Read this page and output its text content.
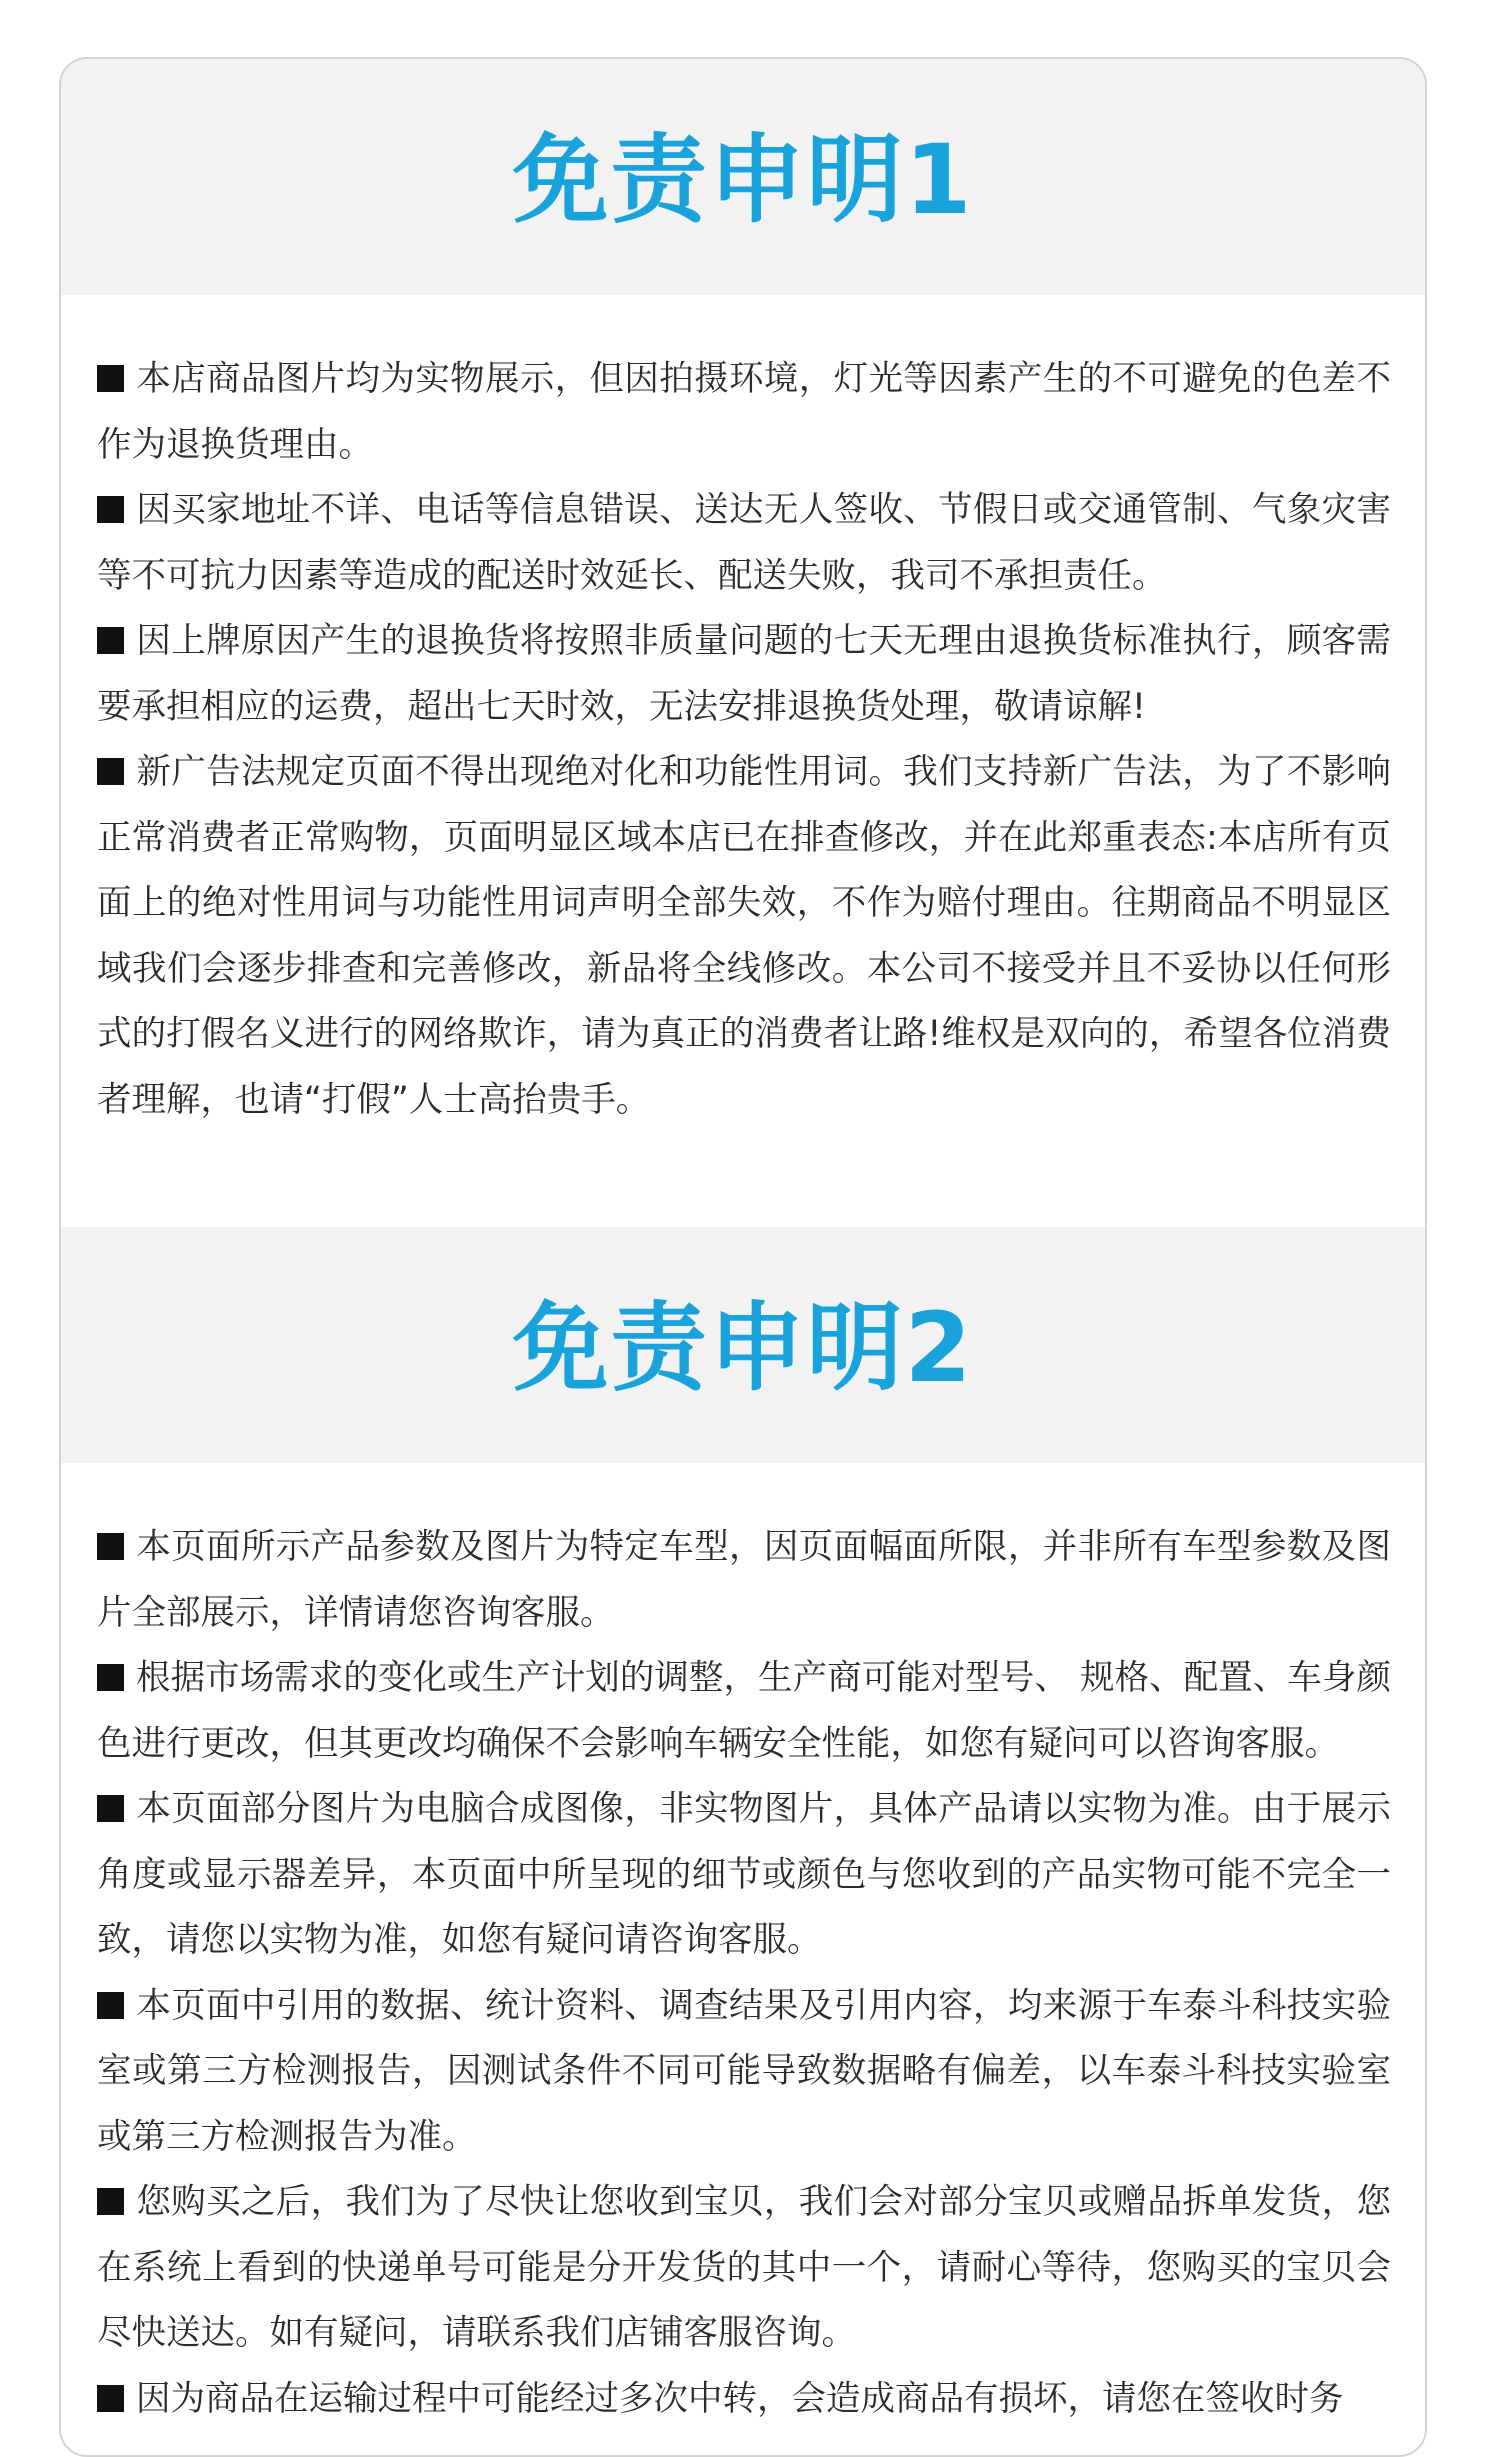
免责申明1

本店商品图片均为实物展示，但因拍摄环境，灯光等因素产生的不可避免的色差不作为退换货理由。

因买家地址不详、电话等信息错误、送达无人签收、节假日或交通管制、气象灾害等不可抗力因素等造成的配送时效延长、配送失败，我司不承担责任。

因上牌原因产生的退换货将按照非质量问题的七天无理由退换货标准执行，顾客需要承担相应的运费，超出七天时效，无法安排退换货处理，敬请谅解!

新广告法规定页面不得出现绝对化和功能性用词。我们支持新广告法，为了不影响正常消费者正常购物，页面明显区域本店已在排查修改，并在此郑重表态:本店所有页面上的绝对性用词与功能性用词声明全部失效，不作为赔付理由。往期商品不明显区域我们会逐步排查和完善修改，新品将全线修改。本公司不接受并且不妥协以任何形式的打假名义进行的网络欺诈，请为真正的消费者让路!维权是双向的，希望各位消费者理解，也请“打假”人士高抬贵手。

免责申明2

本页面所示产品参数及图片为特定车型，因页面幅面所限，并非所有车型参数及图片全部展示，详情请您咨询客服。

根据市场需求的变化或生产计划的调整，生产商可能对型号、 规格、配置、车身颜色进行更改，但其更改均确保不会影响车辆安全性能，如您有疑问可以咨询客服。

本页面部分图片为电脑合成图像，非实物图片，具体产品请以实物为准。由于展示角度或显示器差异，本页面中所呈现的细节或颜色与您收到的产品实物可能不完全一致，请您以实物为准，如您有疑问请咨询客服。

本页面中引用的数据、统计资料、调查结果及引用内容，均来源于车泰斗科技实验室或第三方检测报告，因测试条件不同可能导致数据略有偏差，以车泰斗科技实验室或第三方检测报告为准。

您购买之后，我们为了尽快让您收到宝贝，我们会对部分宝贝或赠品拆单发货，您在系统上看到的快递单号可能是分开发货的其中一个，请耐心等待，您购买的宝贝会尽快送达。如有疑问，请联系我们店铺客服咨询。

因为商品在运输过程中可能经过多次中转，会造成商品有损坏，请您在签收时务
